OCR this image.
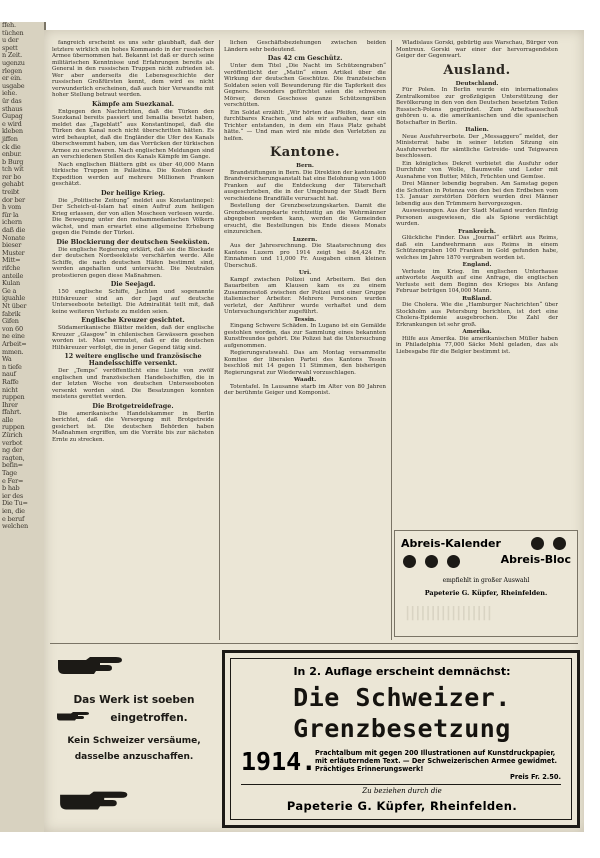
ffeh.
tüchen
u der
spett
n Zeit.
ugenzu
rlegen
er ein.
usgabe
iehe.
ür das
sthaus
Gupag
e wird
kleben
jiffen
ck die
enbur.
b Burg
tch wit
rer bo
gehabt
treibt
dor ber
h vom
für la
ichern
daß die
Nonate
bieser
Muster
Mitt=
rifche
anteile
Kulan
Ge a
iguahle
Nt über
fabrik
Gifen
von 60
ne eine
Arbeit=
mmen.
Wa
n tiefe
nauf
Raffe
nicht
ruppen
Ihrer
ffahrt.
alle
ruppen
Zürich
verbot
ng der
ragten,
befin=
Tage
e Fer=
b hab
ier des
Die Tu=
ien, die
e beruf
welchen

fangreich erscheint es uns sehr glaubhaft, daß der letztere wirklich ein hohes Kommando in der russischen Armee übernommen hat. Bekannt ist daß er durch seine militärischen Kenntnisse und Erfahrungen bereits als General in den russischen Truppen nicht zufrieden ist. Wer aber anderseits die Lebensgeschichte der russischen Großfürsten kennt, dem wird es nicht verwunderlich erscheinen, daß auch hier Verwandte mit hoher Stellung betraut werden.

Kämpfe am Suezkanal.

Entgegen den Nachrichten, daß die Türken den Suezkanal bereits passiert und Ismailia besetzt haben, meldet das „Tageblatt“ aus Konstantinopel, daß die Türken den Kanal noch nicht überschritten hätten. Es wird behauptet, daß die Engländer die Ufer des Kanals überschwemmt haben, um das Vorrücken der türkischen Armee zu erschweren. Nach englischen Meldungen sind an verschiedenen Stellen des Kanals Kämpfe im Gange.

Nach englischen Blättern gibt es über 40,000 Mann türkische Truppen in Palästina. Die Kosten dieser Expedition werden auf mehrere Millionen Franken geschätzt.

Der heilige Krieg.

Die „Politische Zeitung“ meldet aus Konstantinopel: Der Scheich-ul-Islam hat einen Aufruf zum heiligen Krieg erlassen, der von allen Moscheen verlesen wurde. Die Bewegung unter den mohammedanischen Völkern wächst, und man erwartet eine allgemeine Erhebung gegen die Feinde der Türkei.

Die Blockierung der deutschen Seeküsten.

Die englische Regierung erklärt, daß sie die Blockade der deutschen Nordseeküste verschärfen werde. Alle Schiffe, die nach deutschen Häfen bestimmt sind, werden angehalten und untersucht. Die Neutralen protestieren gegen diese Maßnahmen.

Die Seejagd.

150 englische Schiffe, Jachten und sogenannte Hilfskreuzer sind an der Jagd auf deutsche Unterseeboote beteiligt. Die Admiralität teilt mit, daß keine weiteren Verluste zu melden seien.

Englische Kreuzer gesichtet.

Südamerikanische Blätter melden, daß der englische Kreuzer „Glasgow“ in chilenischen Gewässern gesehen worden ist. Man vermutet, daß er die deutschen Hilfskreuzer verfolgt, die in jener Gegend tätig sind.

12 weitere englische und französische Handelsschiffe versenkt.

Der „Temps“ veröffentlicht eine Liste von zwölf englischen und französischen Handelsschiffen, die in der letzten Woche von deutschen Unterseebooten versenkt worden sind. Die Besatzungen konnten meistens gerettet werden.

Die Brotgetreidefrage.

Die amerikanische Handelskammer in Berlin berichtet, daß die Versorgung mit Brotgetreide gesichert ist. Die deutschen Behörden haben Maßnahmen ergriffen, um die Vorräte bis zur nächsten Ernte zu strecken.

lichen Geschäftsbeziehungen zwischen beiden Ländern sehr bedeutend.

Das 42 cm Geschütz.

Unter dem Titel „Die Nacht im Schützengraben“ veröffentlicht der „Matin“ einen Artikel über die Wirkung der deutschen Geschütze. Die französischen Soldaten seien voll Bewunderung für die Tapferkeit des Gegners. Besonders gefürchtet seien die schweren Mörser, deren Geschosse ganze Schützengräben verschütten.

Ein Soldat erzählt: „Wir hörten das Pfeifen, dann ein furchtbares Krachen, und als wir aufsahen, war ein Trichter entstanden, in dem ein Haus Platz gehabt hätte.“ — Und man wird nie müde den Verletzten zu helfen.

Kantone.
Bern.

Brandstiftungen in Bern. Die Direktion der kantonalen Brandversicherungsanstalt hat eine Belohnung von 1000 Franken auf die Entdeckung der Täterschaft ausgeschrieben, die in der Umgebung der Stadt Bern verschiedene Brandfälle verursacht hat.

Bestellung der Grenzbesetzungskarten. Damit die Grenzbesetzungskarte rechtzeitig an die Wehrmänner abgegeben werden kann, werden die Gemeinden ersucht, die Bestellungen bis Ende dieses Monats einzureichen.

Luzern.

Aus der Jahresrechnung. Die Staatsrechnung des Kantons Luzern pro 1914 zeigt bei 84,424 Fr. Einnahmen und 11,000 Fr. Ausgaben einen kleinen Überschuß.

Uri.

Kampf zwischen Polizei und Arbeitern. Bei den Bauarbeiten am Klausen kam es zu einem Zusammenstoß zwischen der Polizei und einer Gruppe italienischer Arbeiter. Mehrere Personen wurden verletzt, der Anführer wurde verhaftet und dem Untersuchungsrichter zugeführt.

Tessin.

Eingang Schwere Schäden. In Lugano ist ein Gemälde gestohlen worden, das zur Sammlung eines bekannten Kunstfreundes gehört. Die Polizei hat die Untersuchung aufgenommen.

Regierungsratswahl. Das am Montag versammelte Komitee der liberalen Partei des Kantons Tessin beschloß mit 14 gegen 11 Stimmen, den bisherigen Regierungsrat zur Wiederwahl vorzuschlagen.

Waadt.

Totentafel. In Lausanne starb im Alter von 80 Jahren der berühmte Geiger und Komponist.

Wladislaus Gorski, gebürtig aus Warschau, Bürger von Montreux. Gorski war einer der hervorragendsten Geiger der Gegenwart.

Ausland.
Deutschland.

Für Polen. In Berlin wurde ein internationales Zentralkomitee zur großzügigen Unterstützung der Bevölkerung in den von den Deutschen besetzten Teilen Russisch-Polens gegründet. Zum Arbeitsausschuß gehören u. a. die amerikanischen und die spanischen Botschafter in Berlin.

Italien.

Neue Ausfuhrverbote. Der „Messaggero“ meldet, der Ministerrat habe in seiner letzten Sitzung ein Ausfuhrverbot für sämtliche Getreide- und Teigwaren beschlossen.

Ein königliches Dekret verbietet die Ausfuhr oder Durchfuhr von Wolle, Baumwolle und Leder mit Ausnahme von Butter, Milch, Früchten und Gemüse.

Drei Männer lebendig begraben. Am Samstag gegen die Schotten in Potenza von den bei den Erdbeben vom 13. Januar zerstörten Dörfern wurden drei Männer lebendig aus den Trümmern hervorgezogen.

Ausweisungen. Aus der Stadt Mailand wurden fünfzig Personen ausgewiesen, die als Spione verdächtigt wurden.

Frankreich.

Glückliche Finder. Das „Journal“ erfährt aus Reims, daß ein Landwehrmann aus Reims in einem Schützengraben 100 Franken in Gold gefunden habe, welches im Jahre 1870 vergraben worden ist.

England.

Verluste im Krieg. Im englischen Unterhause antwortete Asquith auf eine Anfrage, die englischen Verluste seit dem Beginn des Krieges bis Anfang Februar betrügen 104,000 Mann.

Rußland.

Die Cholera. Wie die „Hamburger Nachrichten“ über Stockholm aus Petersburg berichten, ist dort eine Cholera-Epidemie ausgebrochen. Die Zahl der Erkrankungen ist sehr groß.

Amerika.

Hilfe aus Amerika. Die amerikanischen Müller haben in Philadelphia 77,000 Säcke Mehl geladen, das als Liebesgabe für die Belgier bestimmt ist.

Abreis-Kalender
Abreis-Bloc
empfiehlt in großer Auswahl
Papeterie G. Küpfer, Rheinfelden.
|||||||||||||||||
Das Werk ist soeben
eingetroffen.
Kein Schweizer versäume,
dasselbe anzuschaffen.
In 2. Auflage erscheint demnächst:
Die Schweizer.
Grenzbesetzung
1914.
Prachtalbum mit gegen 200 Illustrationen auf Kunstdruckpapier, mit erläuterndem Text. — Der Schweizerischen Armee gewidmet. Prächtiges Erinnerungswerk!
Preis Fr. 2.50.
Zu beziehen durch die
Papeterie G. Küpfer, Rheinfelden.
